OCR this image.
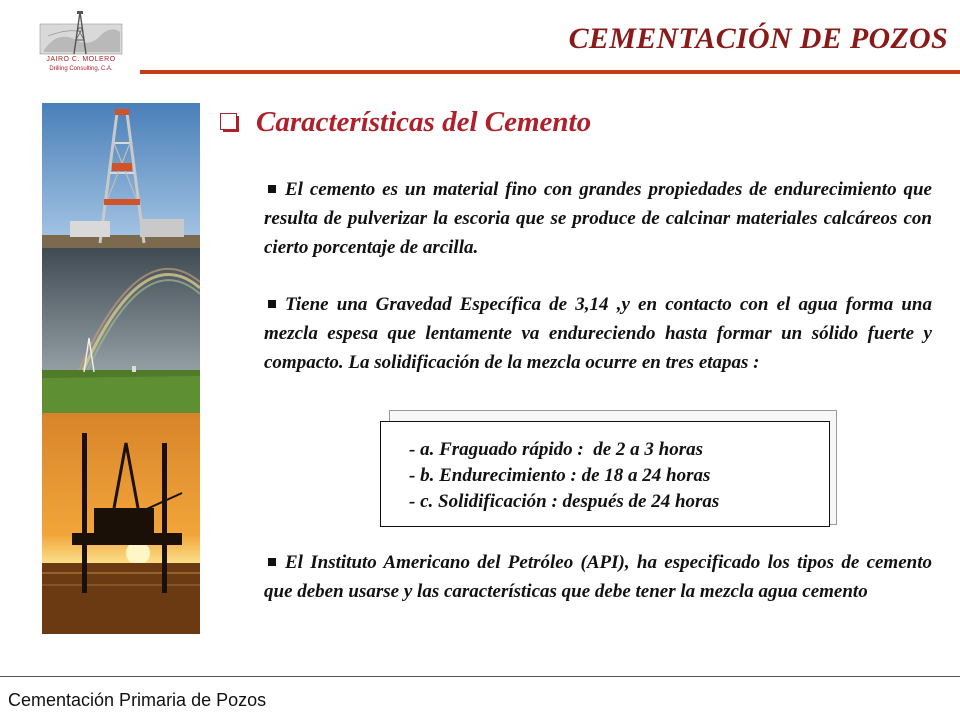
JAIRO C. MOLERO
Drilling Consulting, C.A.
CEMENTACIÓN DE POZOS
Características del Cemento

El cemento es un material fino con grandes propiedades de endurecimiento que resulta de pulverizar la escoria que se produce de calcinar materiales calcáreos con cierto porcentaje de arcilla.

Tiene una Gravedad Específica de 3,14 ,y en contacto con el agua forma una mezcla espesa que lentamente va endureciendo hasta formar un sólido fuerte y compacto. La solidificación de la mezcla ocurre en tres etapas :

- a. Fraguado rápido :  de 2 a 3 horas
- b. Endurecimiento : de 18 a 24 horas
- c. Solidificación : después de 24 horas

El Instituto Americano del Petróleo (API), ha especificado los tipos de cemento que deben usarse y las características que debe tener la mezcla agua cemento

Cementación Primaria de Pozos
